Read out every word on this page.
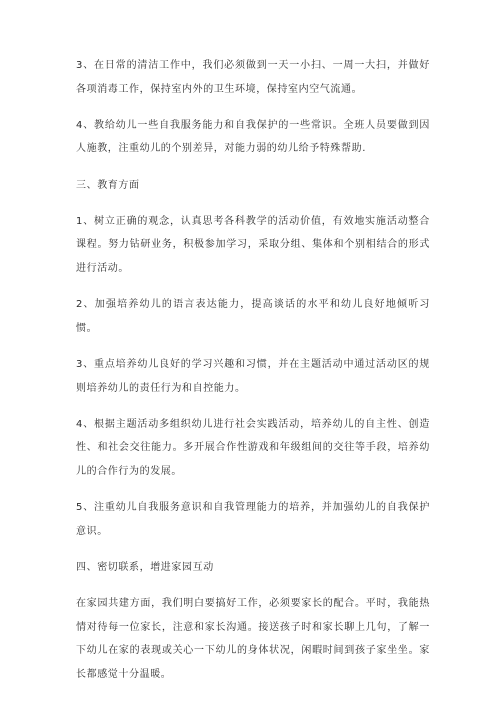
3、在日常的清洁工作中，我们必须做到一天一小扫、一周一大扫，并做好各项消毒工作，保持室内外的卫生环境，保持室内空气流通。

4、教给幼儿一些自我服务能力和自我保护的一些常识。全班人员要做到因人施教，注重幼儿的个别差异，对能力弱的幼儿给予特殊帮助.

三、教育方面

1、树立正确的观念，认真思考各科教学的活动价值，有效地实施活动整合课程。努力钻研业务，积极参加学习，采取分组、集体和个别相结合的形式进行活动。

2、加强培养幼儿的语言表达能力，提高谈话的水平和幼儿良好地倾听习惯。

3、重点培养幼儿良好的学习兴趣和习惯，并在主题活动中通过活动区的规则培养幼儿的责任行为和自控能力。

4、根据主题活动多组织幼儿进行社会实践活动，培养幼儿的自主性、创造性、和社会交往能力。多开展合作性游戏和年级组间的交往等手段，培养幼儿的合作行为的发展。

5、注重幼儿自我服务意识和自我管理能力的培养，并加强幼儿的自我保护意识。

四、密切联系，增进家园互动

在家园共建方面，我们明白要搞好工作，必须要家长的配合。平时，我能热情对待每一位家长，注意和家长沟通。接送孩子时和家长聊上几句，了解一下幼儿在家的表现或关心一下幼儿的身体状况，闲暇时间到孩子家坐坐。家长都感觉十分温暖。
